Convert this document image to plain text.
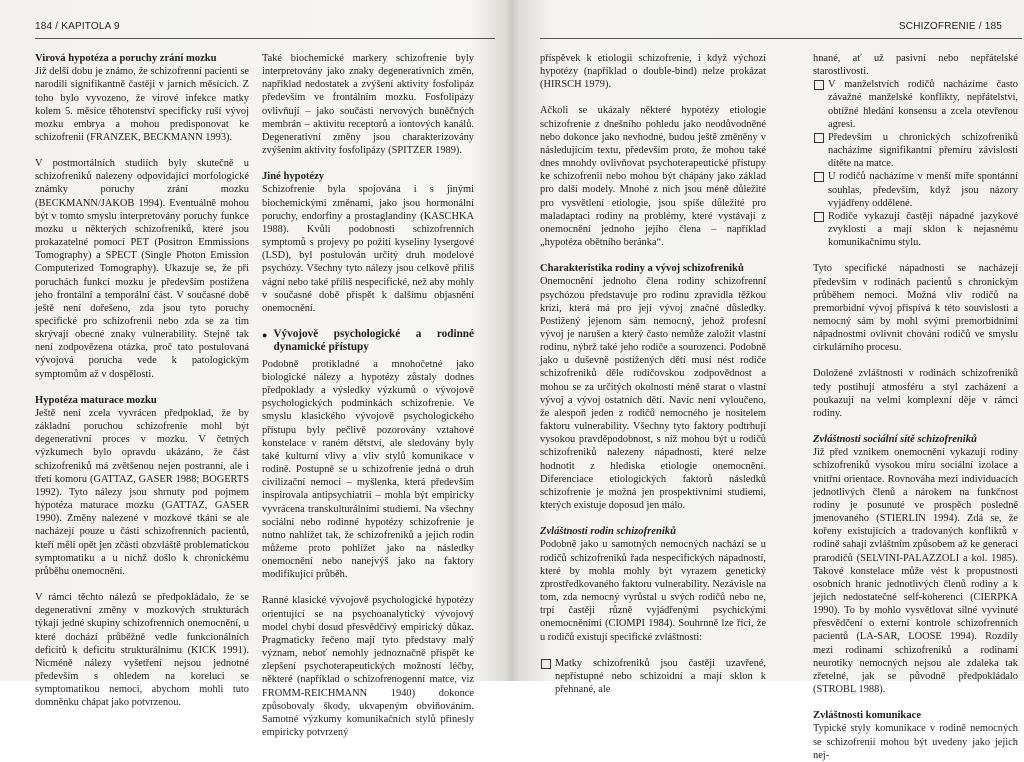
184 / KAPITOLA 9
Virová hypotéza a poruchy zrání mozku

Již delší dobu je známo, že schizofrenní pacienti se narodili signifikantně častěji v jarních měsících. Z toho bylo vyvozeno, že virové infekce matky kolem 5. měsíce těhotenství specificky ruší vývoj mozku embrya a mohou predisponovat ke schizofrenii (FRANZEK, BECKMANN 1993).

V postmortálních studiích byly skutečně u schizofreniků nalezeny odpovídající morfologické známky poruchy zrání mozku (BECKMANN/JAKOB 1994). Eventuálně mohou být v tomto smyslu interpretovány poruchy funkce mozku u některých schizofreniků, které jsou prokazatelné pomocí PET (Positron Emmissions Tomography) a SPECT (Single Photon Emission Computerized Tomography). Ukazuje se, že při poruchách funkcí mozku je především postižena jeho frontální a temporální část. V současné době ještě není dořešeno, zda jsou tyto poruchy specifické pro schizofrenii nebo zda se za tím skrývají obecné znaky vulnerability. Stejně tak není zodpovězena otázka, proč tato postulovaná vývojová porucha vede k patologickým symptomům až v dospělosti.

Hypotéza maturace mozku

Ještě není zcela vyvrácen předpoklad, že by základní poruchou schizofrenie mohl být degenerativní proces v mozku. V četných výzkumech bylo opravdu ukázáno, že část schizofreniků má zvětšenou nejen postranní, ale i třetí komoru (GATTAZ, GASER 1988; BOGERTS 1992). Tyto nálezy jsou shrnuty pod pojmem hypotéza maturace mozku (GATTAZ, GASER 1990). Změny nalezené v mozkové tkáni se ale nacházejí pouze u části schizofrenních pacientů, kteří měli opět jen zčásti obzvláště problematickou symptomatiku a u nichž došlo k chronickému průběhu onemocnění.

V rámci těchto nálezů se předpokládalo, že se degenerativní změny v mozkových strukturách týkají jedné skupiny schizofrenních onemocnění, u které dochází průběžně vedle funkcionálních deficitů k deficitu strukturálnímu (KICK 1991). Nicméně nálezy vyšetření nejsou jednotné především s ohledem na koreluci se symptomatikou nemoci, abychom mohli tuto domněnku chápat jako potvrzenou.

Také biochemické markery schizofrenie byly interpretovány jako znaky degenerativních změn, například nedostatek a zvýšení aktivity fosfolipáz především ve frontálním mozku. Fosfolipázy ovlivňují – jako součásti nervových buněčných membrán – aktivitu receptorů a iontových kanálů. Degenerativní změny jsou charakterizovány zvýšením aktivity fosfolipázy (SPITZER 1989).

Jiné hypotézy

Schizofrenie byla spojována i s jinými biochemickými změnami, jako jsou hormonální poruchy, endorfiny a prostaglandiny (KASCHKA 1988). Kvůli podobnosti schizofrenních symptomů s projevy po požití kyseliny lysergové (LSD), byl postulován určitý druh modelové psychózy. Všechny tyto nálezy jsou celkově přiliš vágní nebo také příliš nespecifické, než aby mohly v současné době přispět k dalšímu objasnění onemocnění.

● Vývojově psychologické a rodinné dynamické přístupy

Podobně protikladné a mnohočetné jako biologické nálezy a hypotézy zůstaly dodnes předpoklady a výsledky výzkumů o vývojově psychologických podmínkách schizofrenie. Ve smyslu klasického vývojově psychologického přístupu byly pečlivě pozorovány vztahové konstelace v raném dětství, ale sledovány byly také kulturní vlivy a vliv stylů komunikace v rodině. Postupně se u schizofrenie jedná o druh civilizační nemoci – myšlenka, která především inspirovala antipsychiatrii – mohla být empiricky vyvrácena transkulturálními studiemi. Na všechny sociální nebo rodinné hypotézy schizofrenie je nutno nahlížet tak, že schizofreniků a jejich rodin můžeme proto pohlížet jako na následky onemocnění nebo nanejvýš jako na faktory modifikující průběh.

Ranné klasické vývojově psychologické hypotézy orientující se na psychoanalytický vývojový model chybí dosud přesvědčivý empirický důkaz. Pragmaticky řečeno mají tyto představy malý význam, neboť nemohly jednoznačně přispět ke zlepšení psychoterapeutických možností léčby, některé (například o schizofrenogenní matce, viz FROMM-REICHMANN 1940) dokonce způsobovaly škody, ukvapeným obviňováním. Samotné výzkumy komunikačních stylů přinesly empiricky potvrzený

SCHIZOFRENIE / 185

příspěvek k etiologii schizofrenie, i když výchozí hypotézy (například o double-bind) nelze prokázat (HIRSCH 1979).

Ačkoli se ukázaly některé hypotézy etiologie schizofrenie z dnešního pohledu jako neodůvodněné nebo dokonce jako nevhodné, budou ještě změněny v následujícím textu, především proto, že mohou také dnes mnohdy ovlivňovat psychoterapeutické přístupy ke schizofrenii nebo mohou být chápány jako základ pro další modely. Mnohé z nich jsou méně důležité pro vysvětlení etiologie, jsou spíše důležité pro maladaptaci rodiny na problémy, které vystávají z onemocnění jednoho jejího člena – například „hypotéza obětního beránka“.

Charakteristika rodiny a vývoj schizofreniků

Onemocnění jednoho člena rodiny schizofrenní psychózou představuje pro rodinu zpravidla těžkou krizi, která má pro její vývoj značné důsledky. Postižený jejenom sám nemocný, jehož profesní vývoj je narušen a který často nemůže založit vlastní rodinu, nýbrž také jeho rodiče a sourozenci. Podobně jako u duševně postižených dětí musí nést rodiče schizofreniků děle rodičovskou zodpovědnost a mohou se za určitých okolností méně starat o vlastní vývoj a vývoj ostatních dětí. Navíc není vyloučeno, že alespoň jeden z rodičů nemocného je nositelem faktoru vulnerability. Všechny tyto faktory podtrhují vysokou pravděpodobnost, s níž mohou být u rodičů schizofreniků nalezeny nápadnosti, které nelze hodnotit z hlediska etiologie onemocnění. Diferenciace etiologických faktorů následků schizofrenie je možná jen prospektivními studiemi, kterých existuje doposud jen málo.

Zvláštnosti rodin schizofreniků

Podobně jako u samotných nemocných nachází se u rodičů schizofreniků řada nespecifických nápadností, které by mohla mohly být vyrazem genetický zprostředkovaného faktoru vulnerability. Nezávisle na tom, zda nemocný vyrůstal u svých rodičů nebo ne, trpí častěji různě vyjádřenými psychickými onemocněními (CIOMPI 1984). Souhrnně lze říci, že u rodičů existují specifické zvláštnosti:

Matky schizofreniků jsou častěji uzavřené, nepřístupné nebo schizoidní a mají sklon k přehnané, ale

hnané, ať už pasivní nebo nepřátelské starostlivosti.

V manželstvích rodičů nacházíme často závažné manželské konflikty, nepřátelství, obtížné hledání konsensu a zcela otevřenou agresi.
Především u chronických schizofreniků nacházíme signifikantní přemíru závislosti dítěte na matce.
U rodičů nacházíme v menší míře spontánní souhlas, především, když jsou názory vyjádřeny oddělené.
Rodiče vykazují častěji nápadné jazykové zvyklosti a mají sklon k nejasnému komunikačnímu stylu.

Tyto specifické nápadnosti se nacházejí především v rodinách pacientů s chronickým průběhem nemoci. Možná vliv rodičů na premorbidní vývoj přispívá k této souvislosti a nemocný sám by mohl svými premorbidními nápadnostmi ovlivnit chování rodičů ve smyslu cirkulárního procesu.

Doložené zvláštnosti v rodinách schizofreniků tedy postihují atmosféru a styl zacházení a poukazují na velmi komplexní děje v rámci rodiny.

Zvláštnosti sociální sítě schizofreniků

Již před vznikem onemocnění vykazují rodiny schizofreniků vysokou míru sociální izolace a vnitřní orientace. Rovnováha mezi individuacích jednotlivých členů a nárokem na funkčnost rodiny je posunuté ve prospěch posledně jmenovaného (STIERLIN 1994). Zdá se, že kořeny existujících a tradovaných konfliktů v rodině sahají zvláštním způsobem až ke generaci prarodičů (SELVINI-PALAZZOLI a kol. 1985). Takové konstelace může vést k propustnosti osobních hranic jednotlivých členů rodiny a k jejich nedostatečné self-koherenci (CIERPKA 1990). To by mohlo vysvětlovat silné vyvinuté přesvědčení o externí kontrole schizofrenních pacientů (LA-SAR, LOOSE 1994). Rozdíly mezi rodinami schizofreniků a rodinami neurotiky nemocných nejsou ale zdaleka tak zřetelné, jak se původně předpokládalo (STROBL 1988).

Zvláštnosti komunikace

Typické styly komunikace v rodině nemocných se schizofrenií mohou být uvedeny jako jejich nej-
